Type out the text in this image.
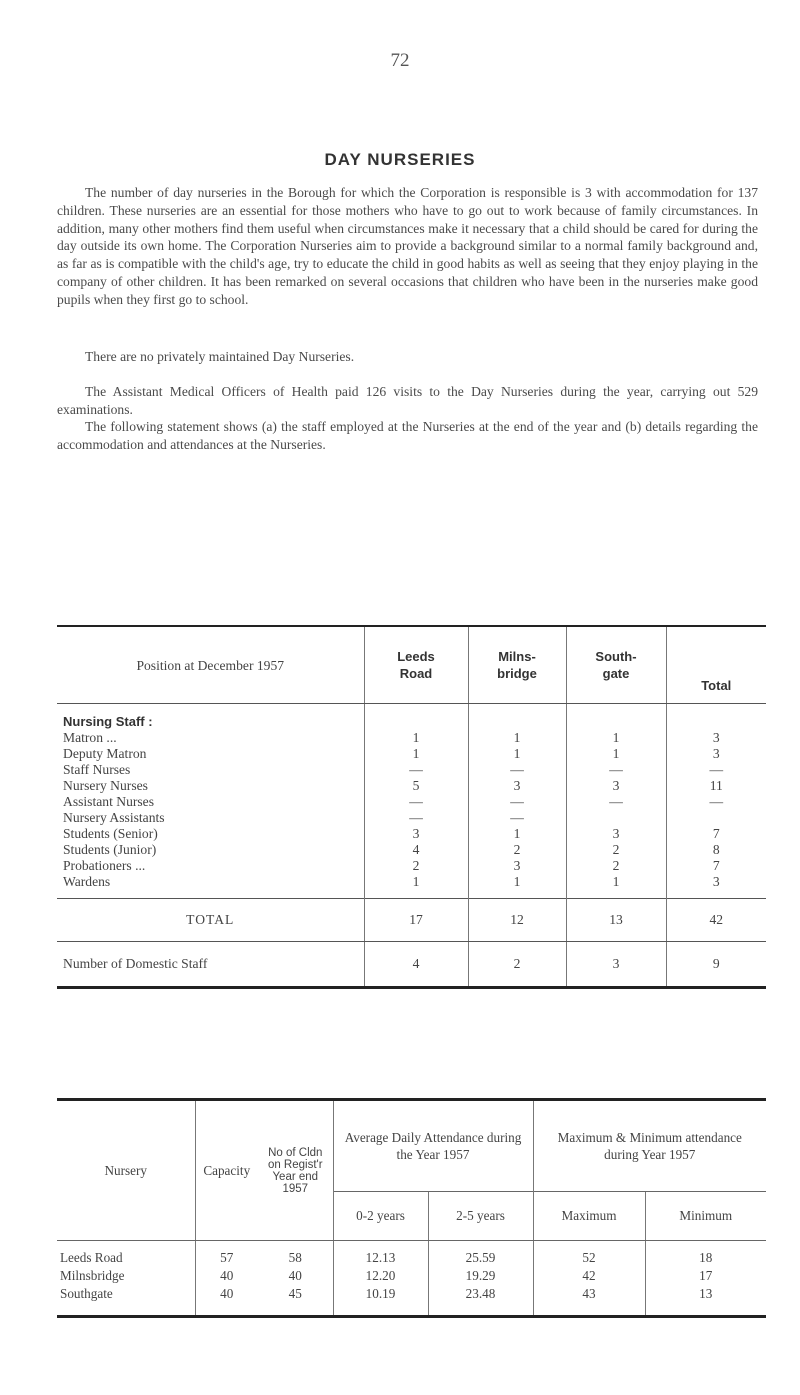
72
DAY NURSERIES

The number of day nurseries in the Borough for which the Corporation is responsible is 3 with accommodation for 137 children. These nurseries are an essential for those mothers who have to go out to work because of family circumstances. In addition, many other mothers find them useful when circumstances make it necessary that a child should be cared for during the day outside its own home. The Corporation Nurseries aim to provide a background similar to a normal family background and, as far as is compatible with the child's age, try to educate the child in good habits as well as seeing that they enjoy playing in the company of other children. It has been remarked on several occasions that children who have been in the nurseries make good pupils when they first go to school.

There are no privately maintained Day Nurseries.

The Assistant Medical Officers of Health paid 126 visits to the Day Nurseries during the year, carrying out 529 examinations.

The following statement shows (a) the staff employed at the Nurseries at the end of the year and (b) details regarding the accommodation and attendances at the Nurseries.

Position at December 1957	Leeds Road	Milns-bridge	South-gate	Total
Nursing Staff :				
Matron ...	1	1	1	3
Deputy Matron	1	1	1	3
Staff Nurses	—	—	—	—
Nursery Nurses	5	3	3	11
Assistant Nurses	—	—	—	—
Nursery Assistants	—	—		
Students (Senior)	3	1	3	7
Students (Junior)	4	2	2	8
Probationers ...	2	3	2	7
Wardens	1	1	1	3
TOTAL	17	12	13	42
Number of Domestic Staff	4	2	3	9
Nursery	Capacity	No of Cldn on Regist'r Year end 1957	Average Daily Attendance during the Year 1957		Maximum & Minimum attendance during Year 1957	
			0-2 years	2-5 years	Maximum	Minimum
Leeds Road	57	58	12.13	25.59	52	18
Milnsbridge	40	40	12.20	19.29	42	17
Southgate	40	45	10.19	23.48	43	13
